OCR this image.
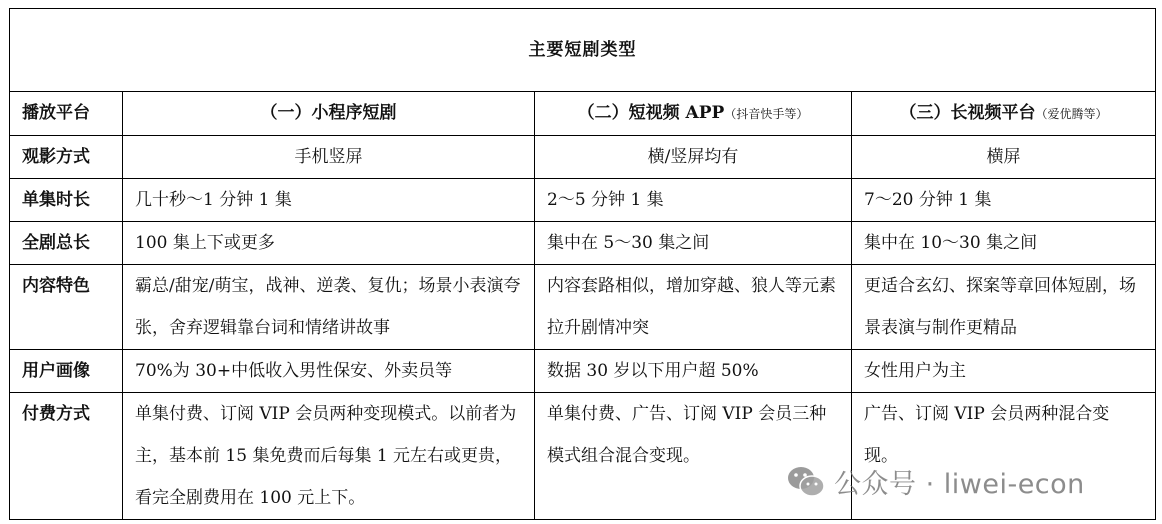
主要短剧类型			
播放平台	（一）小程序短剧	（二）短视频 APP（抖音快手等）	（三）长视频平台（爱优腾等）
观影方式	手机竖屏	横/竖屏均有	横屏
单集时长	几十秒～1 分钟 1 集	2～5 分钟 1 集	7～20 分钟 1 集
全剧总长	100 集上下或更多	集中在 5～30 集之间	集中在 10～30 集之间
内容特色	霸总/甜宠/萌宝，战神、逆袭、复仇；场景小表演夸张，舍弃逻辑靠台词和情绪讲故事	内容套路相似，增加穿越、狼人等元素拉升剧情冲突	更适合玄幻、探案等章回体短剧，场景表演与制作更精品
用户画像	70%为 30+中低收入男性保安、外卖员等	数据 30 岁以下用户超 50%	女性用户为主
付费方式	单集付费、订阅 VIP 会员两种变现模式。以前者为主，基本前 15 集免费而后每集 1 元左右或更贵，看完全剧费用在 100 元上下。	单集付费、广告、订阅 VIP 会员三种模式组合混合变现。	广告、订阅 VIP 会员两种混合变现。
公众号 · liwei-econ
